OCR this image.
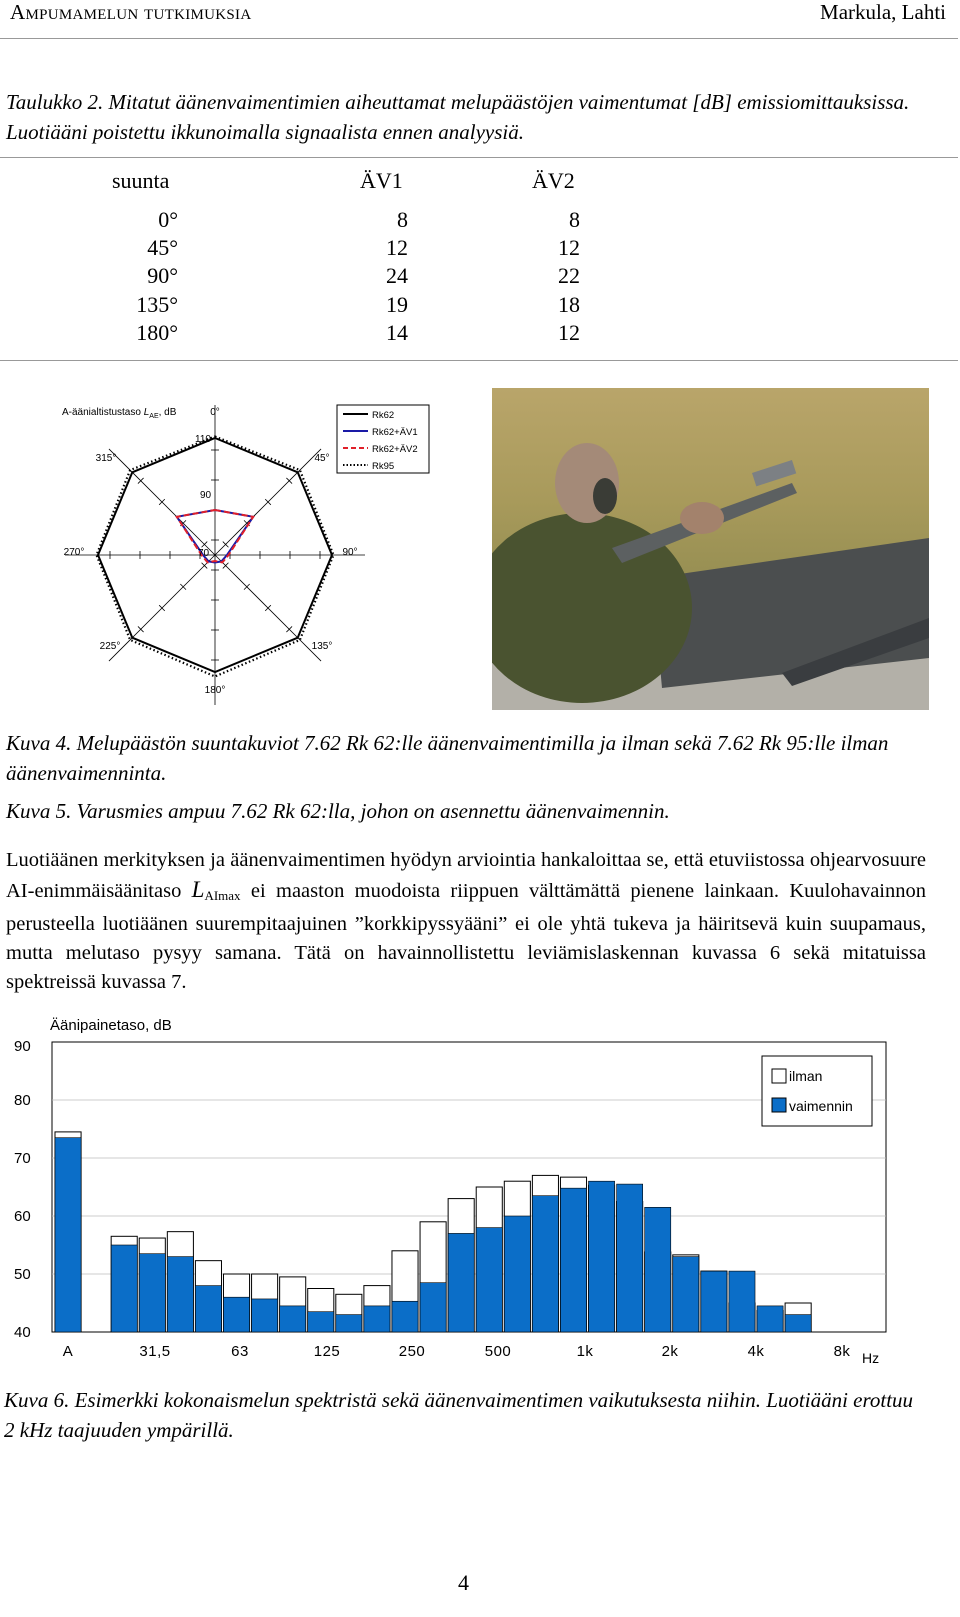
Ampumamelun tutkimuksia	Markula, Lahti
Taulukko 2. Mitatut äänenvaimentimien aiheuttamat melupäästöjen vaimentumat [dB] emissiomittauksissa. Luotiääni poistettu ikkunoimalla signaalista ennen analyysiä.
suunta	ÄV1	ÄV2
0°	8	8
45°	12	12
90°	24	22
135°	19	18
180°	14	12
A-äänialtistustaso $L_{AE}$, dB	0°
45°
90°
135°
180°
225°
270°
315°
110
90
70
Rk62
Rk62+ÄV1
Rk62+ÄV2
Rk95
Kuva 4. Melupäästön suuntakuviot 7.62 Rk 62:lle äänenvaimentimilla ja ilman sekä 7.62 Rk 95:lle ilman äänenvaimenninta.
Kuva 5. Varusmies ampuu 7.62 Rk 62:lla, johon on asennettu äänenvaimennin.
Luotiäänen merkityksen ja äänenvaimentimen hyödyn arviointia hankaloittaa se, että etuviistossa ohjearvosuure AI-enimmäisäänitaso $L_{AImax}$ ei maaston muodoista riippuen välttämättä pienene lainkaan. Kuulohavainnon perusteella luotiäänen suurempitaajuinen ”korkkipyssyääni” ei ole yhtä tukeva ja häiritsevä kuin suupamaus, mutta melutaso pysyy samana. Tätä on havainnollistettu leviämislaskennan kuvassa 6 sekä mitatuissa spektreissä kuvassa 7.
Äänipainetaso, dB
90
80
70
60
50
40
A	31,5	63	125	250	500	1k	2k	4k	8k Hz
ilman
vaimennin
Kuva 6. Esimerkki kokonaismelun spektristä sekä äänenvaimentimen vaikutuksesta niihin. Luotiääni erottuu 2 kHz taajuuden ympärillä.
4
